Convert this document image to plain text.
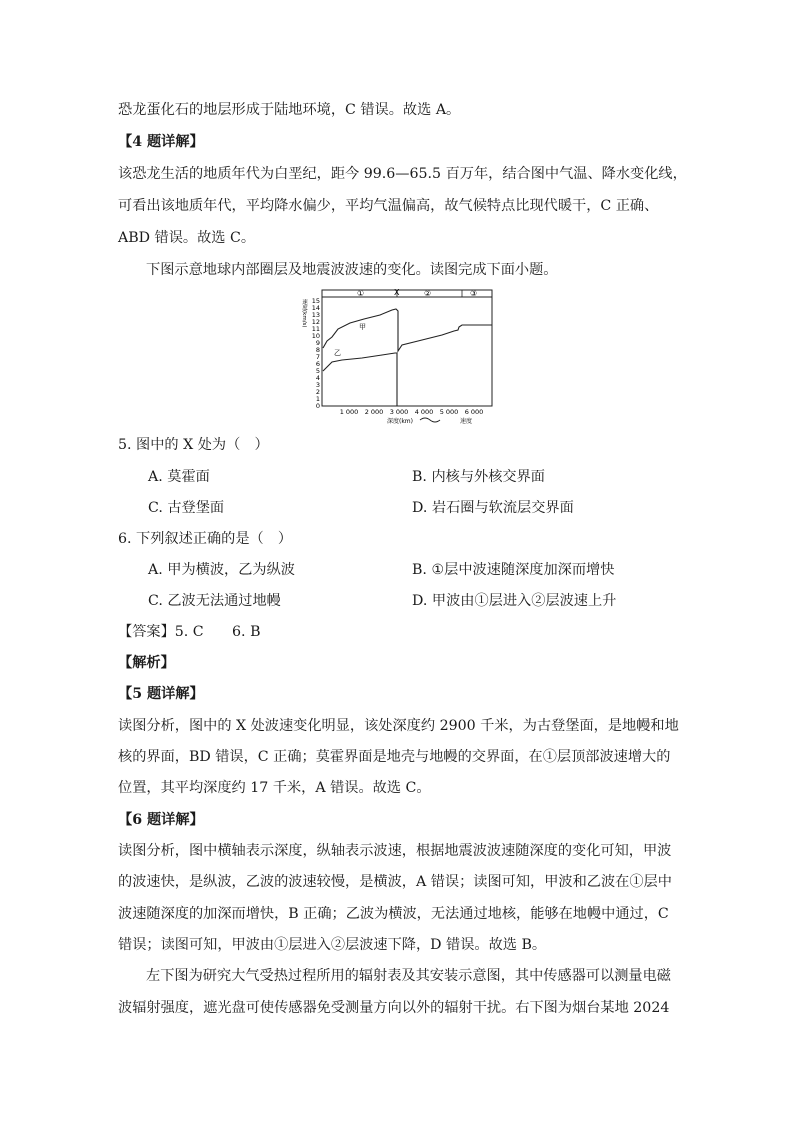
恐龙蛋化石的地层形成于陆地环境，C 错误。故选 A。
【4 题详解】
该恐龙生活的地质年代为白垩纪，距今 99.6—65.5 百万年，结合图中气温、降水变化线，
可看出该地质年代，平均降水偏少，平均气温偏高，故气候特点比现代暖干，C 正确、
ABD 错误。故选 C。
下图示意地球内部圈层及地震波波速的变化。读图完成下面小题。
①	X	②	③
速度(km/s)
0
1
2
3
4
5
6
7
8
9
10
11
12
13
14
15
1 000 2 000 3 000 4 000 5 000 6 000
深度(km)	速度
甲
乙
5. 图中的 X 处为（　）
A. 莫霍面	B. 内核与外核交界面
C. 古登堡面	D. 岩石圈与软流层交界面
6. 下列叙述正确的是（　）
A. 甲为横波，乙为纵波	B. ①层中波速随深度加深而增快
C. 乙波无法通过地幔	D. 甲波由①层进入②层波速上升
【答案】5. C　　6. B
【解析】
【5 题详解】
读图分析，图中的 X 处波速变化明显，该处深度约 2900 千米，为古登堡面，是地幔和地
核的界面，BD 错误，C 正确；莫霍界面是地壳与地幔的交界面，在①层顶部波速增大的
位置，其平均深度约 17 千米，A 错误。故选 C。
【6 题详解】
读图分析，图中横轴表示深度，纵轴表示波速，根据地震波波速随深度的变化可知，甲波
的波速快，是纵波，乙波的波速较慢，是横波，A 错误；读图可知，甲波和乙波在①层中
波速随深度的加深而增快，B 正确；乙波为横波，无法通过地核，能够在地幔中通过，C
错误；读图可知，甲波由①层进入②层波速下降，D 错误。故选 B。
左下图为研究大气受热过程所用的辐射表及其安装示意图，其中传感器可以测量电磁
波辐射强度，遮光盘可使传感器免受测量方向以外的辐射干扰。右下图为烟台某地 2024
